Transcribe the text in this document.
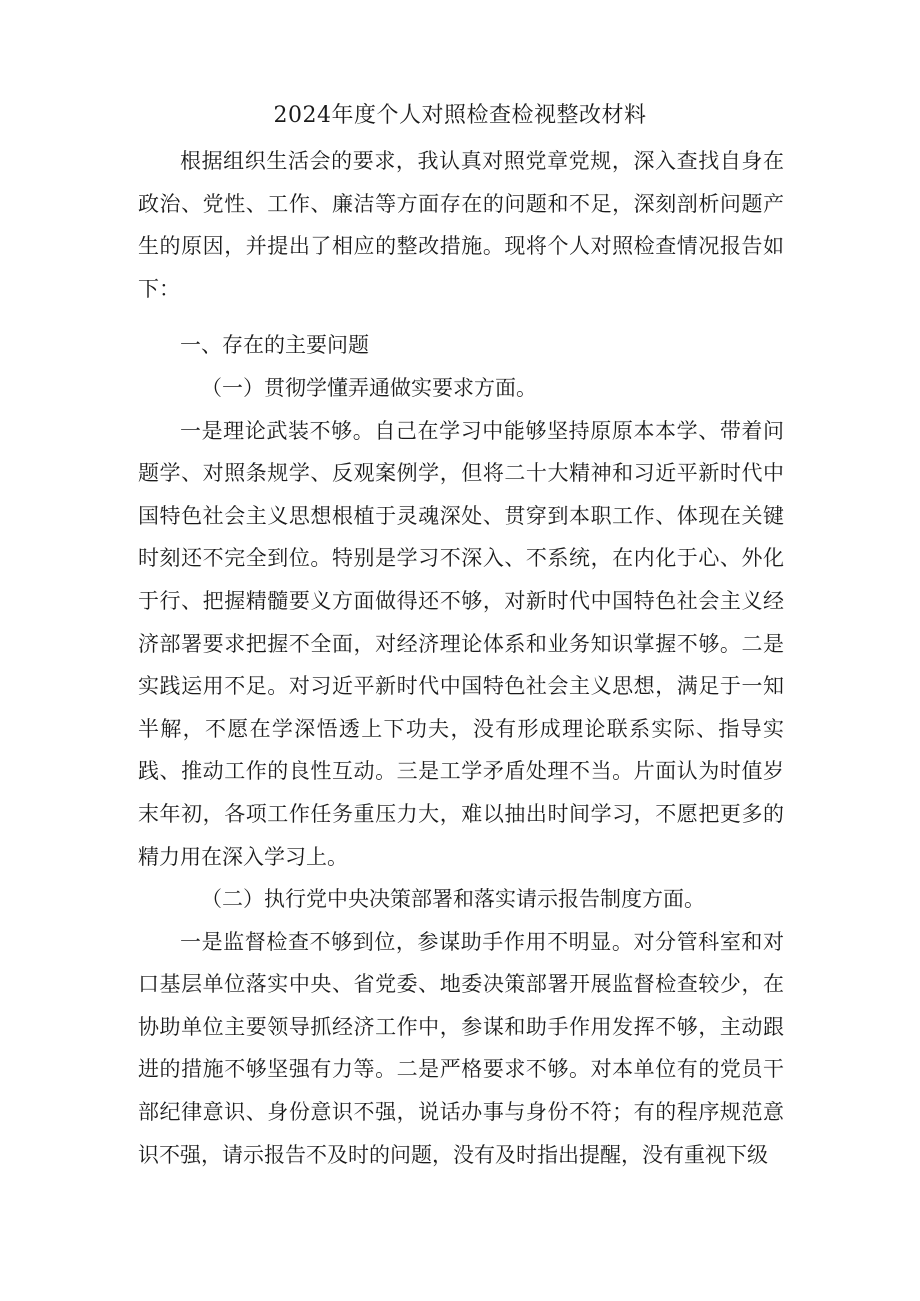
2024年度个人对照检查检视整改材料

根据组织生活会的要求，我认真对照党章党规，深入查找自身在政治、党性、工作、廉洁等方面存在的问题和不足，深刻剖析问题产生的原因，并提出了相应的整改措施。现将个人对照检查情况报告如下：

一、存在的主要问题

（一）贯彻学懂弄通做实要求方面。

一是理论武装不够。自己在学习中能够坚持原原本本学、带着问题学、对照条规学、反观案例学，但将二十大精神和习近平新时代中国特色社会主义思想根植于灵魂深处、贯穿到本职工作、体现在关键时刻还不完全到位。特别是学习不深入、不系统，在内化于心、外化于行、把握精髓要义方面做得还不够，对新时代中国特色社会主义经济部署要求把握不全面，对经济理论体系和业务知识掌握不够。二是实践运用不足。对习近平新时代中国特色社会主义思想，满足于一知半解，不愿在学深悟透上下功夫，没有形成理论联系实际、指导实践、推动工作的良性互动。三是工学矛盾处理不当。片面认为时值岁末年初，各项工作任务重压力大，难以抽出时间学习，不愿把更多的精力用在深入学习上。

（二）执行党中央决策部署和落实请示报告制度方面。

一是监督检查不够到位，参谋助手作用不明显。对分管科室和对口基层单位落实中央、省党委、地委决策部署开展监督检查较少，在协助单位主要领导抓经济工作中，参谋和助手作用发挥不够，主动跟进的措施不够坚强有力等。二是严格要求不够。对本单位有的党员干部纪律意识、身份意识不强，说话办事与身份不符；有的程序规范意识不强，请示报告不及时的问题，没有及时指出提醒，没有重视下级
